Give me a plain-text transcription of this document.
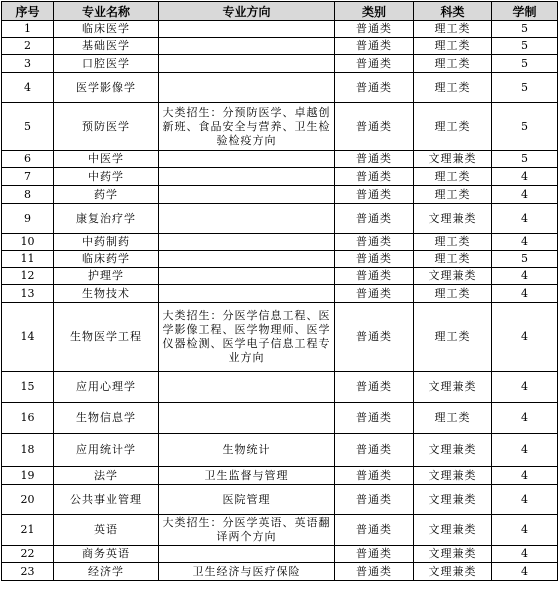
序号	专业名称	专业方向	类别	科类	学制
1	临床医学		普通类	理工类	5
2	基础医学		普通类	理工类	5
3	口腔医学		普通类	理工类	5
4	医学影像学		普通类	理工类	5
5	预防医学	大类招生：分预防医学、卓越创新班、食品安全与营养、卫生检验检疫方向	普通类	理工类	5
6	中医学		普通类	文理兼类	5
7	中药学		普通类	理工类	4
8	药学		普通类	理工类	4
9	康复治疗学		普通类	文理兼类	4
10	中药制药		普通类	理工类	4
11	临床药学		普通类	理工类	5
12	护理学		普通类	文理兼类	4
13	生物技术		普通类	理工类	4
14	生物医学工程	大类招生：分医学信息工程、医学影像工程、医学物理师、医学仪器检测、医学电子信息工程专业方向	普通类	理工类	4
15	应用心理学		普通类	文理兼类	4
16	生物信息学		普通类	理工类	4
18	应用统计学	生物统计	普通类	文理兼类	4
19	法学	卫生监督与管理	普通类	文理兼类	4
20	公共事业管理	医院管理	普通类	文理兼类	4
21	英语	大类招生：分医学英语、英语翻译两个方向	普通类	文理兼类	4
22	商务英语		普通类	文理兼类	4
23	经济学	卫生经济与医疗保险	普通类	文理兼类	4
